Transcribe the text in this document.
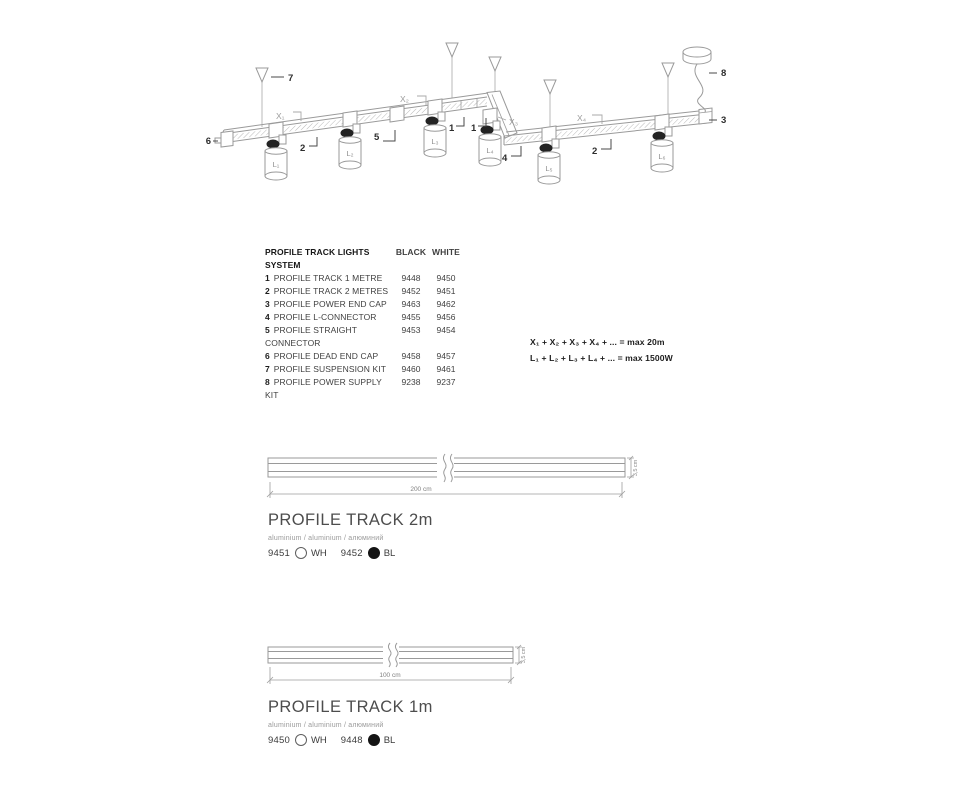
7
6
2
5
1 1
4
2
3
8
X₁
X₂
X₃	X₄
L₁
L₂
L₃
L₄
L₅
L₆
3,5 cm
200 cm
3,5 cm
100 cm
PROFILE TRACK LIGHTS SYSTEM
BLACK WHITE
1 PROFILE TRACK 1 METRE	9448	9450
2 PROFILE TRACK 2 METRES	9452	9451
3 PROFILE POWER END CAP	9463	9462
4 PROFILE L-CONNECTOR	9455	9456
5 PROFILE STRAIGHT CONNECTOR
9453	9454
6 PROFILE DEAD END CAP	9458	9457
7 PROFILE SUSPENSION KIT	9460	9461
8 PROFILE POWER SUPPLY KIT
9238	9237
X₁ + X₂ + X₃ + X₄ + ... = max 20m
L₁ + L₂ + L₃ + L₄ + ... = max 1500W
PROFILE TRACK 2m
aluminium / aluminium / алюминий
9451 WH 9452 BL
PROFILE TRACK 1m
aluminium / aluminium / алюминий
9450 WH 9448 BL
